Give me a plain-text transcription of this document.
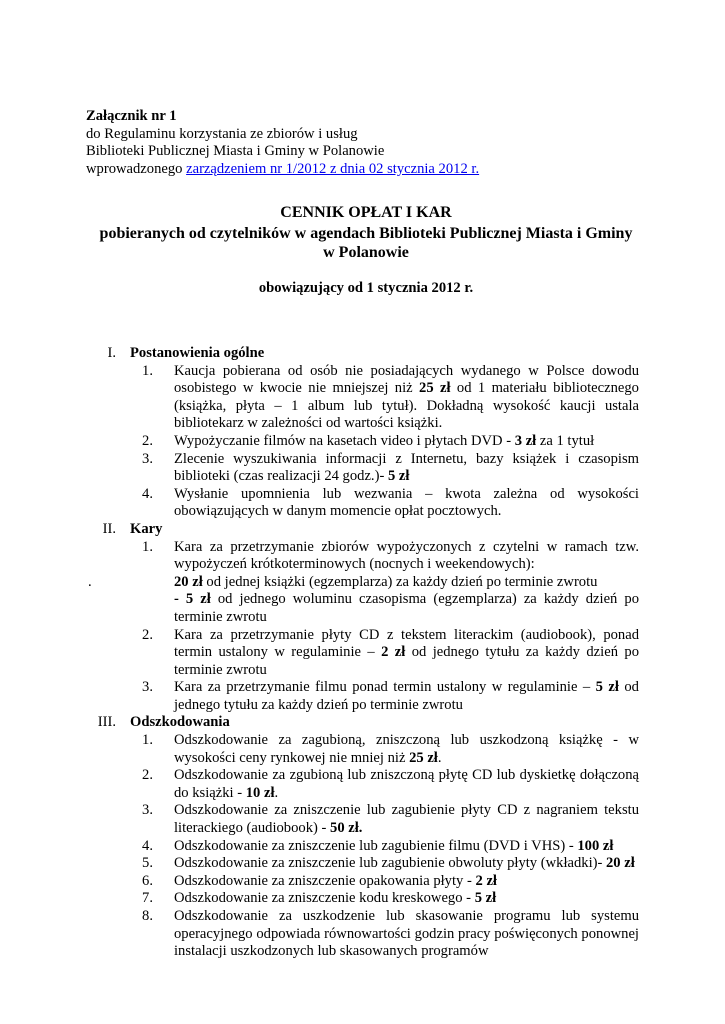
Załącznik nr 1
do Regulaminu korzystania ze zbiorów i usług
Biblioteki Publicznej Miasta i Gminy w Polanowie
wprowadzonego zarządzeniem nr 1/2012 z dnia 02 stycznia 2012 r.
CENNIK OPŁAT I KAR
pobieranych od czytelników w agendach Biblioteki Publicznej Miasta i Gminy
w Polanowie
obowiązujący od 1 stycznia 2012 r.
I. Postanowienia ogólne
1. Kaucja pobierana od osób nie posiadających wydanego w Polsce dowodu osobistego w kwocie nie mniejszej niż 25 zł od 1 materiału bibliotecznego (książka, płyta – 1 album lub tytuł). Dokładną wysokość kaucji ustala bibliotekarz w zależności od wartości książki.
2. Wypożyczanie filmów na kasetach video i płytach DVD - 3 zł za 1 tytuł
3. Zlecenie wyszukiwania informacji z Internetu, bazy książek i czasopism biblioteki (czas realizacji 24 godz.)- 5 zł
4. Wysłanie upomnienia lub wezwania – kwota zależna od wysokości obowiązujących w danym momencie opłat pocztowych.
II. Kary
1. Kara za przetrzymanie zbiorów wypożyczonych z czytelni w ramach tzw. wypożyczeń krótkoterminowych (nocnych i weekendowych):
.	20 zł od jednej książki (egzemplarza) za każdy dzień po terminie zwrotu
- 5 zł od jednego woluminu czasopisma (egzemplarza) za każdy dzień po terminie zwrotu
2. Kara za przetrzymanie płyty CD z tekstem literackim (audiobook), ponad termin ustalony w regulaminie – 2 zł od jednego tytułu za każdy dzień po terminie zwrotu
3. Kara za przetrzymanie filmu ponad termin ustalony w regulaminie – 5 zł od jednego tytułu za każdy dzień po terminie zwrotu
III. Odszkodowania
1. Odszkodowanie za zagubioną, zniszczoną lub uszkodzoną książkę - w wysokości ceny rynkowej nie mniej niż 25 zł.
2. Odszkodowanie za zgubioną lub zniszczoną płytę CD lub dyskietkę dołączoną do książki - 10 zł.
3. Odszkodowanie za zniszczenie lub zagubienie płyty CD z nagraniem tekstu literackiego (audiobook) - 50 zł.
4. Odszkodowanie za zniszczenie lub zagubienie filmu (DVD i VHS) - 100 zł
5. Odszkodowanie za zniszczenie lub zagubienie obwoluty płyty (wkładki)- 20 zł
6. Odszkodowanie za zniszczenie opakowania płyty - 2 zł
7. Odszkodowanie za zniszczenie kodu kreskowego - 5 zł
8. Odszkodowanie za uszkodzenie lub skasowanie programu lub systemu operacyjnego odpowiada równowartości godzin pracy poświęconych ponownej instalacji uszkodzonych lub skasowanych programów
